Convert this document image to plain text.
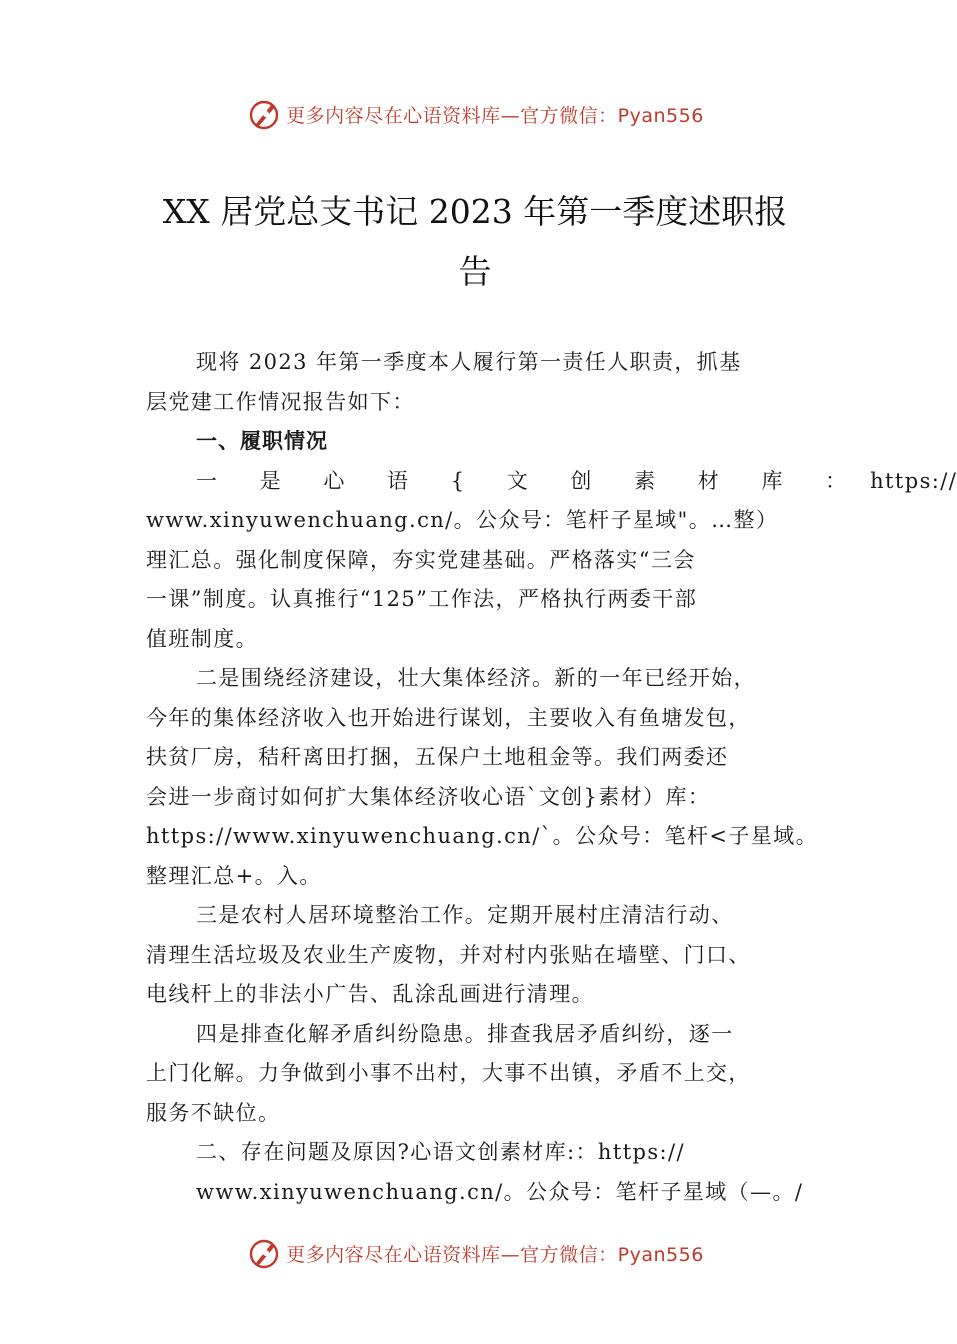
更多内容尽在心语资料库—官方微信：Pyan556
XX 居党总支书记 2023 年第一季度述职报
告
现将 2023 年第一季度本人履行第一责任人职责，抓基
层党建工作情况报告如下：
一、履职情况
一 是 心 语 { 文 创 素 材 库 ： https://
www.xinyuwenchuang.cn/。公众号：笔杆子星域"。…整）
理汇总。强化制度保障，夯实党建基础。严格落实“三会
一课”制度。认真推行“125”工作法，严格执行两委干部
值班制度。
二是围绕经济建设，壮大集体经济。新的一年已经开始，
今年的集体经济收入也开始进行谋划，主要收入有鱼塘发包，
扶贫厂房，秸秆离田打捆，五保户土地租金等。我们两委还
会进一步商讨如何扩大集体经济收心语`文创}素材）库：
https://www.xinyuwenchuang.cn/`。公众号：笔杆<子星域。
整理汇总+。入。
三是农村人居环境整治工作。定期开展村庄清洁行动、
清理生活垃圾及农业生产废物，并对村内张贴在墙壁、门口、
电线杆上的非法小广告、乱涂乱画进行清理。
四是排查化解矛盾纠纷隐患。排查我居矛盾纠纷，逐一
上门化解。力争做到小事不出村，大事不出镇，矛盾不上交，
服务不缺位。
二、存在问题及原因?心语文创素材库:：https://
www.xinyuwenchuang.cn/。公众号：笔杆子星域（—。/
更多内容尽在心语资料库—官方微信：Pyan556
